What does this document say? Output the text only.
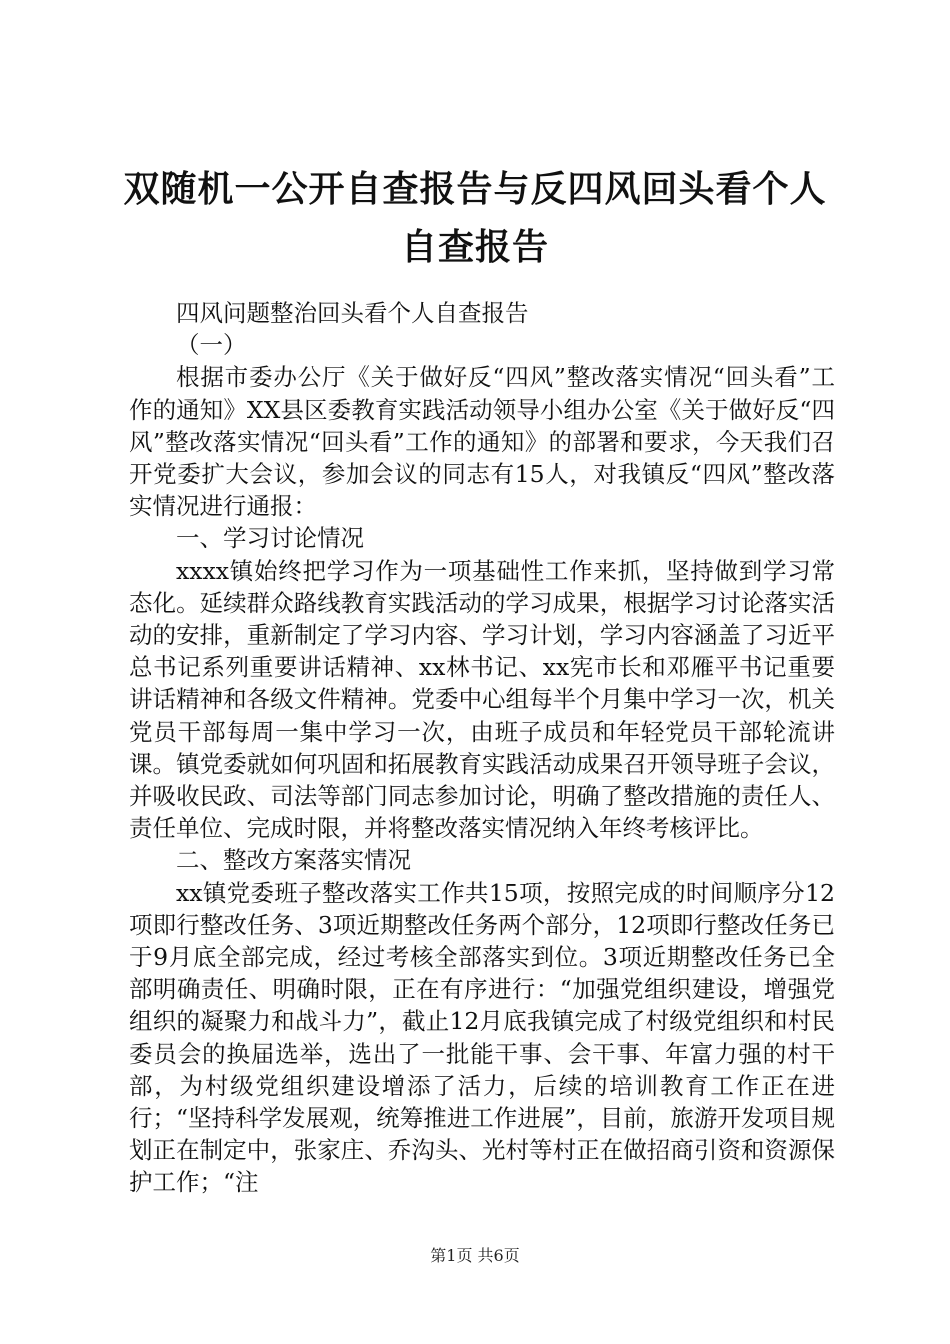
双随机一公开自查报告与反四风回头看个人自查报告

四风问题整治回头看个人自查报告

（一）

根据市委办公厅《关于做好反“四风”整改落实情况“回头看”工作的通知》XX县区委教育实践活动领导小组办公室《关于做好反“四风”整改落实情况“回头看”工作的通知》的部署和要求，今天我们召开党委扩大会议，参加会议的同志有15人，对我镇反“四风”整改落实情况进行通报：

一、学习讨论情况

xxxx镇始终把学习作为一项基础性工作来抓，坚持做到学习常态化。延续群众路线教育实践活动的学习成果，根据学习讨论落实活动的安排，重新制定了学习内容、学习计划，学习内容涵盖了习近平总书记系列重要讲话精神、xx林书记、xx宪市长和邓雁平书记重要讲话精神和各级文件精神。党委中心组每半个月集中学习一次，机关党员干部每周一集中学习一次，由班子成员和年轻党员干部轮流讲课。镇党委就如何巩固和拓展教育实践活动成果召开领导班子会议，并吸收民政、司法等部门同志参加讨论，明确了整改措施的责任人、责任单位、完成时限，并将整改落实情况纳入年终考核评比。

二、整改方案落实情况

xx镇党委班子整改落实工作共15项，按照完成的时间顺序分12项即行整改任务、3项近期整改任务两个部分，12项即行整改任务已于9月底全部完成，经过考核全部落实到位。3项近期整改任务已全部明确责任、明确时限，正在有序进行：“加强党组织建设，增强党组织的凝聚力和战斗力”，截止12月底我镇完成了村级党组织和村民委员会的换届选举，选出了一批能干事、会干事、年富力强的村干部，为村级党组织建设增添了活力，后续的培训教育工作正在进行；“坚持科学发展观，统筹推进工作进展”，目前，旅游开发项目规划正在制定中，张家庄、乔沟头、光村等村正在做招商引资和资源保护工作；“注

第1页 共6页
